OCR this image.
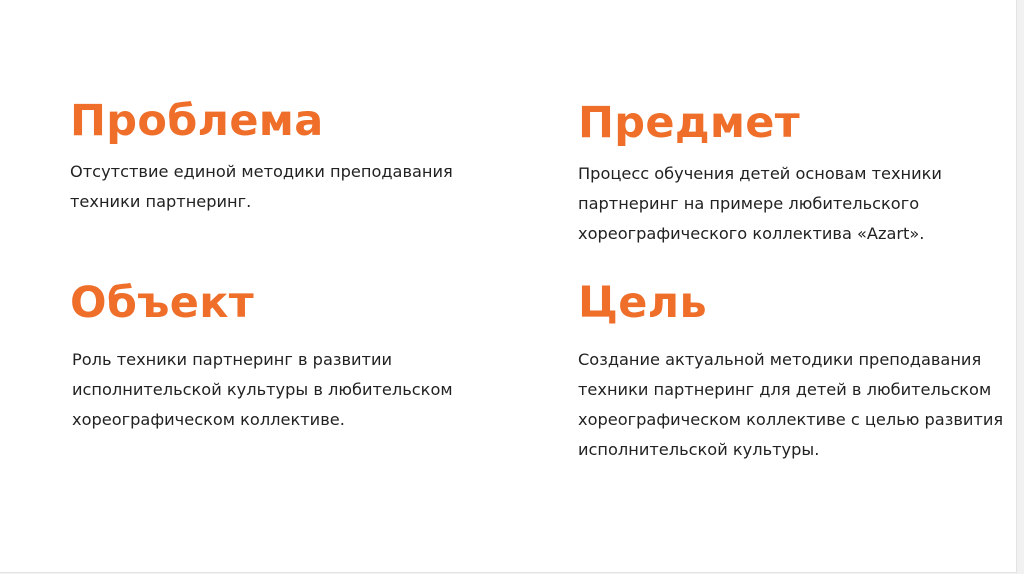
Проблема

Отсутствие единой методики преподавания техники партнеринг.

Предмет

Процесс обучения детей основам техники партнеринг на примере любительского хореографического коллектива «Azart».

Объект

Роль техники партнеринг в развитии исполнительской культуры в любительском хореографическом коллективе.

Цель

Создание актуальной методики преподавания техники партнеринг для детей в любительском хореографическом коллективе с целью развития исполнительской культуры.
